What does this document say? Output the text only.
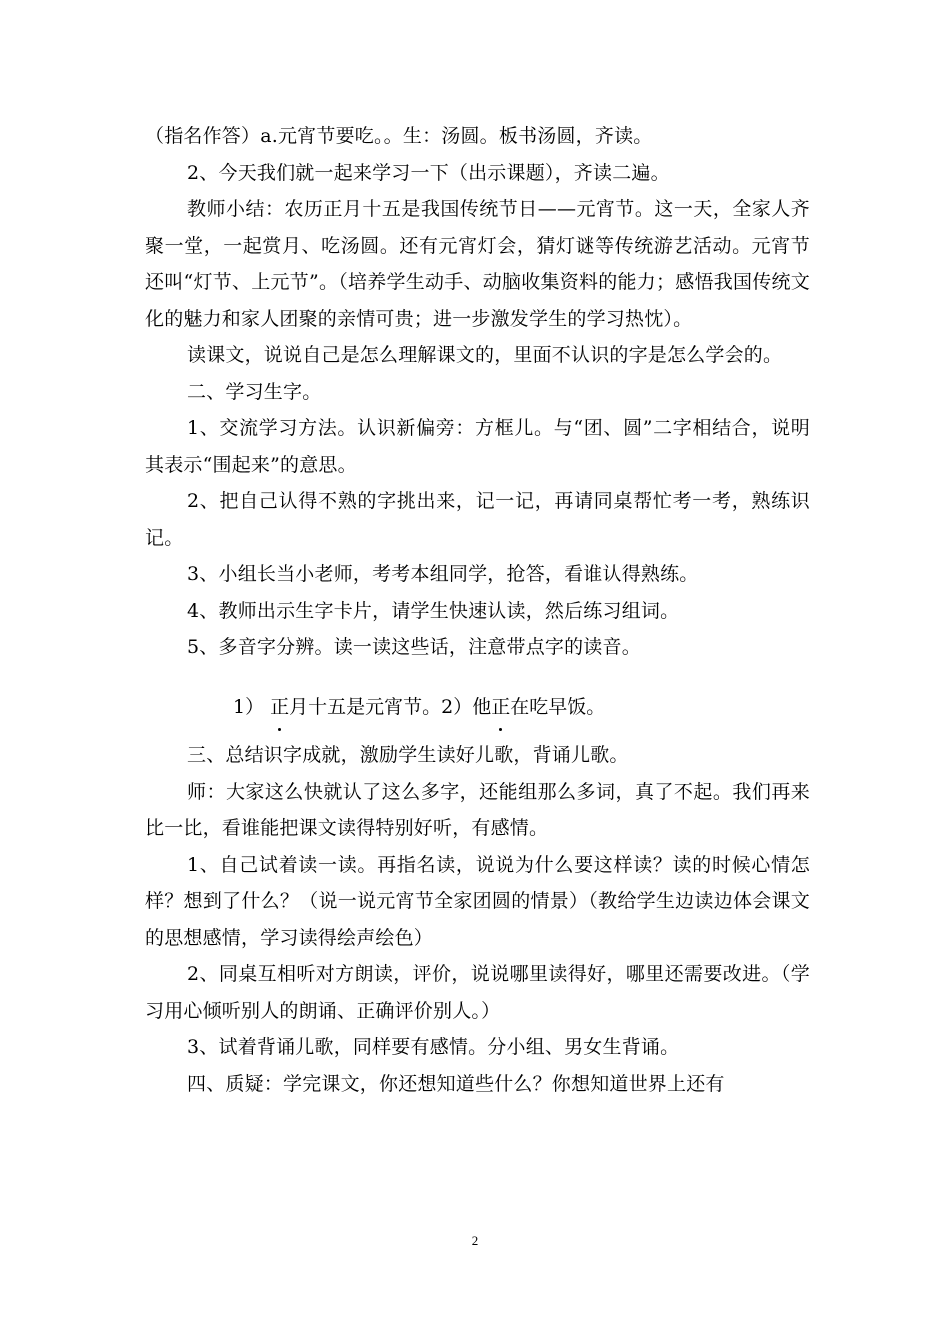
（指名作答）a.元宵节要吃。。生：汤圆。板书汤圆，齐读。

2、今天我们就一起来学习一下（出示课题），齐读二遍。

教师小结：农历正月十五是我国传统节日——元宵节。这一天，全家人齐聚一堂，一起赏月、吃汤圆。还有元宵灯会，猜灯谜等传统游艺活动。元宵节还叫“灯节、上元节”。（培养学生动手、动脑收集资料的能力；感悟我国传统文化的魅力和家人团聚的亲情可贵；进一步激发学生的学习热忱）。

读课文，说说自己是怎么理解课文的，里面不认识的字是怎么学会的。

二、学习生字。

1、交流学习方法。认识新偏旁：方框儿。与“团、圆”二字相结合，说明其表示“围起来”的意思。

2、把自己认得不熟的字挑出来，记一记，再请同桌帮忙考一考，熟练识记。

3、小组长当小老师，考考本组同学，抢答，看谁认得熟练。

4、教师出示生字卡片，请学生快速认读，然后练习组词。

5、多音字分辨。读一读这些话，注意带点字的读音。

1） 正月十五是元宵节。2）他正在吃早饭。

三、总结识字成就，激励学生读好儿歌，背诵儿歌。

师：大家这么快就认了这么多字，还能组那么多词，真了不起。我们再来比一比，看谁能把课文读得特别好听，有感情。

1、自己试着读一读。再指名读，说说为什么要这样读？读的时候心情怎样？想到了什么？（说一说元宵节全家团圆的情景）（教给学生边读边体会课文的思想感情，学习读得绘声绘色）

2、同桌互相听对方朗读，评价，说说哪里读得好，哪里还需要改进。（学习用心倾听别人的朗诵、正确评价别人。）

3、试着背诵儿歌，同样要有感情。分小组、男女生背诵。

四、质疑：学完课文，你还想知道些什么？你想知道世界上还有

2
